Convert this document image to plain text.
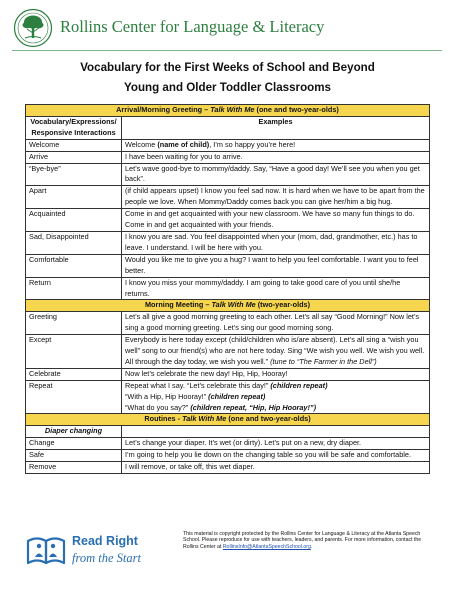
Rollins Center for Language & Literacy
Vocabulary for the First Weeks of School and Beyond
Young and Older Toddler Classrooms
Arrival/Morning Greeting – Talk With Me (one and two-year-olds)	
Vocabulary/Expressions/ Responsive Interactions	Examples
Welcome	Welcome (name of child), I’m so happy you’re here!
Arrive	I have been waiting for you to arrive.
“Bye-bye”	Let’s wave good-bye to mommy/daddy. Say, “Have a good day! We’ll see you when you get back”.
Apart	(if child appears upset) I know you feel sad now. It is hard when we have to be apart from the people we love. When Mommy/Daddy comes back you can give her/him a big hug.
Acquainted	Come in and get acquainted with your new classroom. We have so many fun things to do.
Come in and get acquainted with your friends.

Sad, Disappointed	I know you are sad. You feel disappointed when your (mom, dad, grandmother, etc.) has to leave. I understand. I will be here with you.
Comfortable	Would you like me to give you a hug? I want to help you feel comfortable. I want you to feel better.
Return	I know you miss your mommy/daddy. I am going to take good care of you until she/he returns.
Morning Meeting – Talk With Me (two-year-olds)	
Greeting	Let’s all give a good morning greeting to each other. Let’s all say “Good Morning!” Now let’s sing a good morning greeting. Let’s sing our good morning song.
Except	Everybody is here today except (child/children who is/are absent). Let’s all sing a “wish you well” song to our friend(s) who are not here today. Sing “We wish you well. We wish you well. All through the day today, we wish you well.” (tune to “The Farmer in the Dell”)
Celebrate	Now let’s celebrate the new day! Hip, Hip, Hooray!
Repeat	Repeat what I say. “Let’s celebrate this day!” (children repeat)
“With a Hip, Hip Hooray!” (children repeat)
“What do you say?” (children repeat, “Hip, Hip Hooray!”)

Routines - Talk With Me (one and two-year-olds)	
Diaper changing	
Change	Let’s change your diaper. It’s wet (or dirty). Let’s put on a new, dry diaper.
Safe	I’m going to help you lie down on the changing table so you will be safe and comfortable.
Remove	I will remove, or take off, this wet diaper.
Read Right
from the Start
This material is copyright protected by the Rollins Center for Language & Literacy at the Atlanta Speech School. Please reproduce for use with teachers, leaders, and parents. For more information, contact the Rollins Center at RollinsInfo@AtlantaSpeechSchool.org.
